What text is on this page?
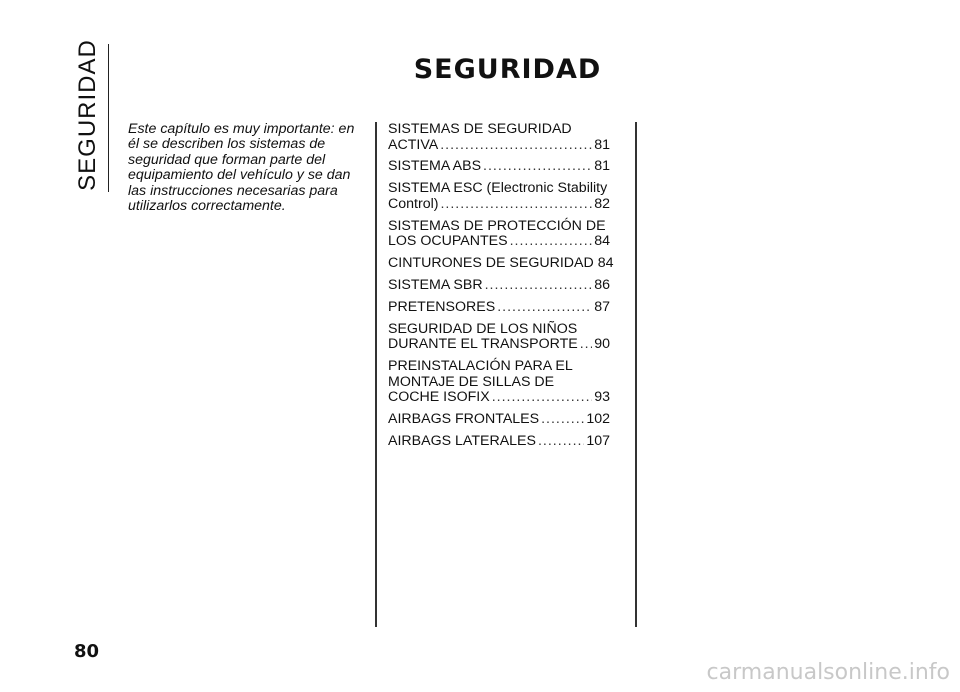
SEGURIDAD	SEGURIDAD
Este capítulo es muy importante: en él se describen los sistemas de seguridad que forman parte del equipamiento del vehículo y se dan las instrucciones necesarias para utilizarlos correctamente.
SISTEMAS DE SEGURIDAD
ACTIVA .....	81
SISTEMA ABS .....	81
SISTEMA ESC (Electronic Stability
Control) .....	82
SISTEMAS DE PROTECCIÓN DE
LOS OCUPANTES .....	84
CINTURONES DE SEGURIDAD 84
SISTEMA SBR .....	86
PRETENSORES .....	87
SEGURIDAD DE LOS NIÑOS
DURANTE EL TRANSPORTE ..... 90
PREINSTALACIÓN PARA EL
MONTAJE DE SILLAS DE
COCHE ISOFIX .....	93
AIRBAGS FRONTALES .....	102
AIRBAGS LATERALES .....	107
80
carmanualsonline.info
